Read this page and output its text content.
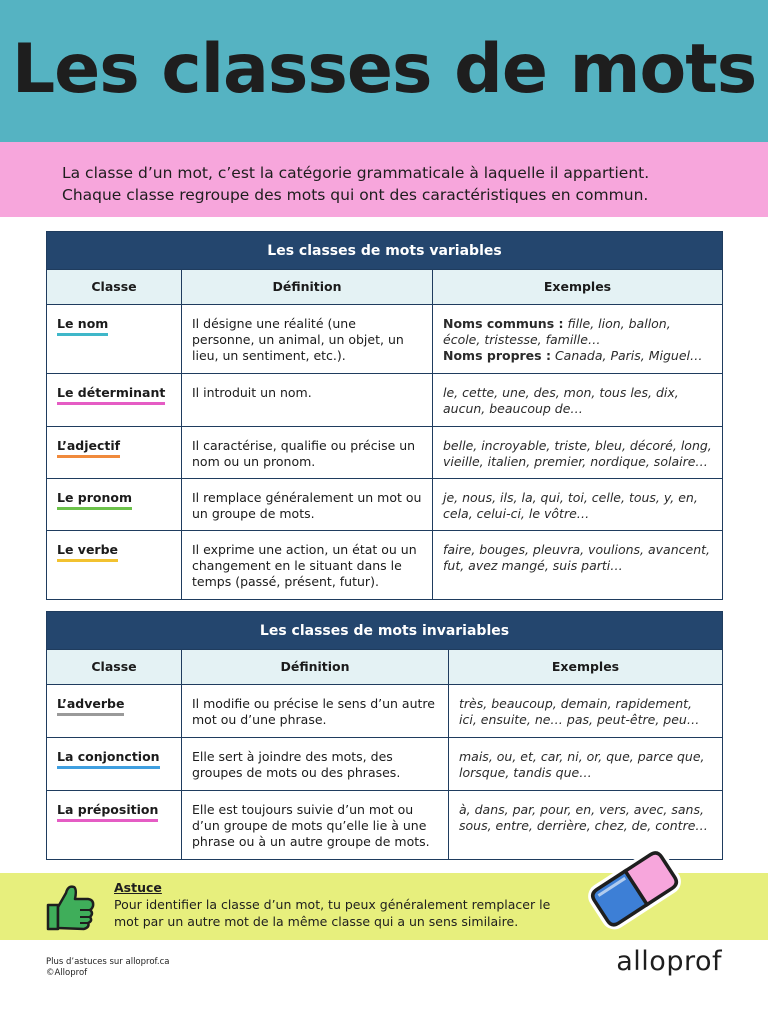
Les classes de mots

La classe d’un mot, c’est la catégorie grammaticale à laquelle il appartient.
Chaque classe regroupe des mots qui ont des caractéristiques en commun.

Les classes de mots variables		
Classe	Définition	Exemples
Le nom	Il désigne une réalité (une personne, un animal, un objet, un lieu, un sentiment, etc.).	Noms communs : fille, lion, ballon, école, tristesse, famille…
Noms propres : Canada, Paris, Miguel…
Le déterminant	Il introduit un nom.	le, cette, une, des, mon, tous les, dix, aucun, beaucoup de…
L’adjectif	Il caractérise, qualifie ou précise un nom ou un pronom.	belle, incroyable, triste, bleu, décoré, long, vieille, italien, premier, nordique, solaire…
Le pronom	Il remplace généralement un mot ou un groupe de mots.	je, nous, ils, la, qui, toi, celle, tous, y, en, cela, celui-ci, le vôtre…
Le verbe	Il exprime une action, un état ou un changement en le situant dans le temps (passé, présent, futur).	faire, bouges, pleuvra, voulions, avancent, fut, avez mangé, suis parti…
Les classes de mots invariables		
Classe	Définition	Exemples
L’adverbe	Il modifie ou précise le sens d’un autre mot ou d’une phrase.	très, beaucoup, demain, rapidement, ici, ensuite, ne… pas, peut-être, peu…
La conjonction	Elle sert à joindre des mots, des groupes de mots ou des phrases.	mais, ou, et, car, ni, or, que, parce que, lorsque, tandis que…
La préposition	Elle est toujours suivie d’un mot ou d’un groupe de mots qu’elle lie à une phrase ou à un autre groupe de mots.	à, dans, par, pour, en, vers, avec, sans, sous, entre, derrière, chez, de, contre…
Astuce
Pour identifier la classe d’un mot, tu peux généralement remplacer le mot par un autre mot de la même classe qui a un sens similaire.
Plus d’astuces sur alloprof.ca
©Alloprof	alloprof
